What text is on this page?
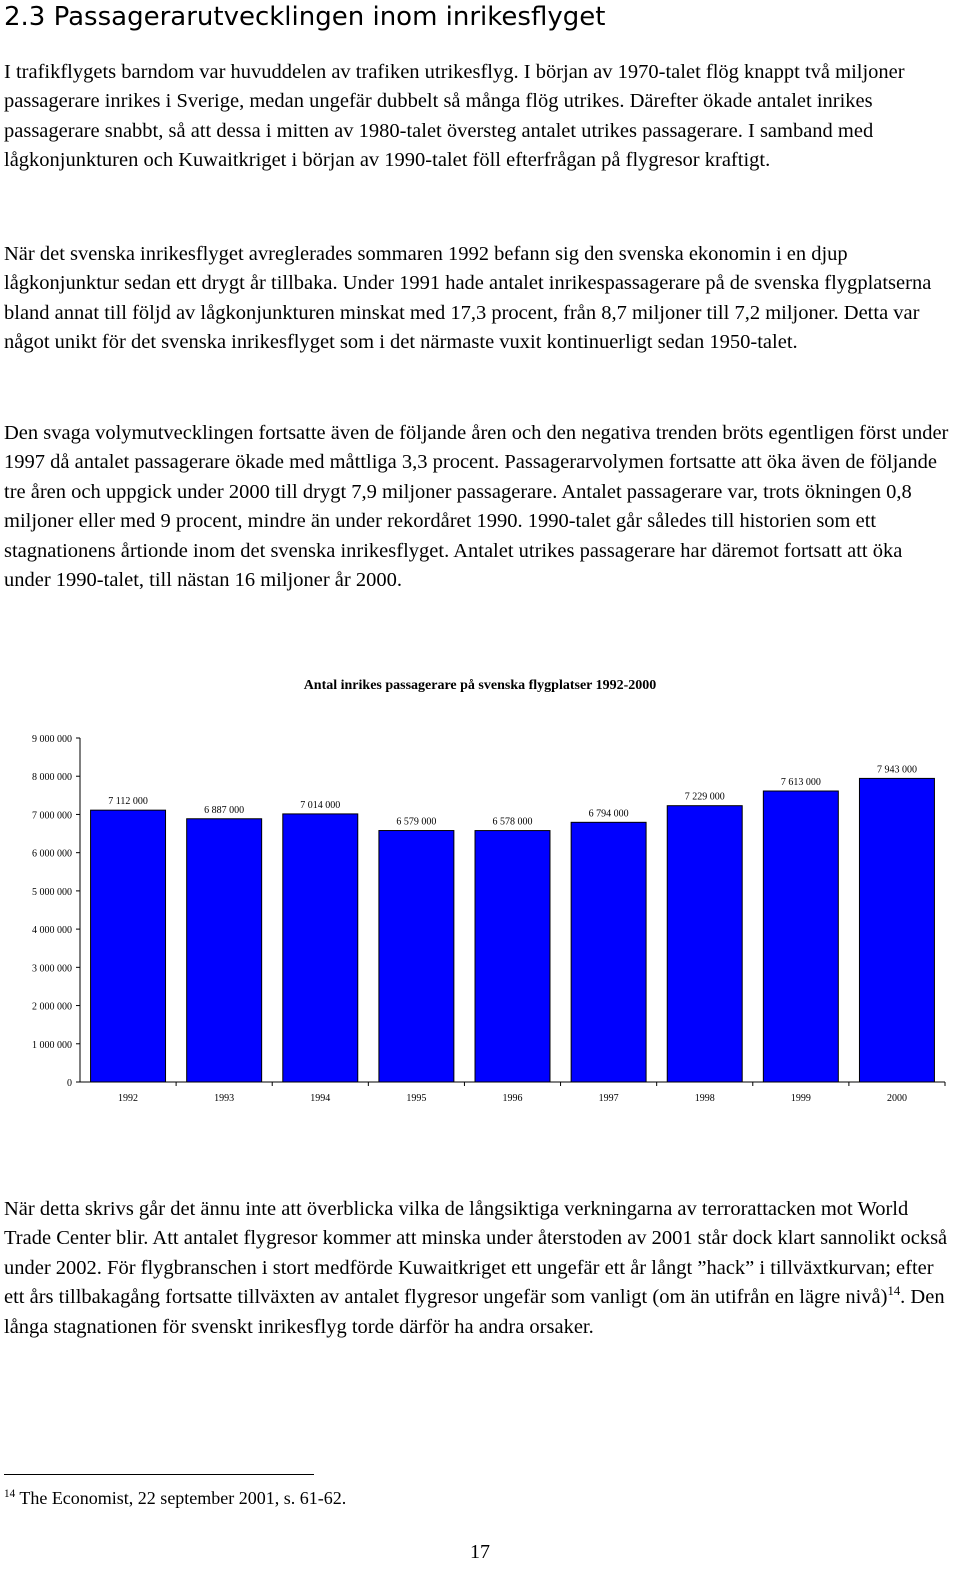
2.3 Passagerarutvecklingen inom inrikesflyget

I trafikflygets barndom var huvuddelen av trafiken utrikesflyg. I början av 1970-talet flög knappt två miljoner passagerare inrikes i Sverige, medan ungefär dubbelt så många flög utrikes. Därefter ökade antalet inrikes passagerare snabbt, så att dessa i mitten av 1980-talet översteg antalet utrikes passagerare. I samband med lågkonjunkturen och Kuwaitkriget i början av 1990-talet föll efterfrågan på flygresor kraftigt.

När det svenska inrikesflyget avreglerades sommaren 1992 befann sig den svenska ekonomin i en djup lågkonjunktur sedan ett drygt år tillbaka. Under 1991 hade antalet inrikespassagerare på de svenska flygplatserna bland annat till följd av lågkonjunkturen minskat med 17,3 procent, från 8,7 miljoner till 7,2 miljoner. Detta var något unikt för det svenska inrikesflyget som i det närmaste vuxit kontinuerligt sedan 1950-talet.

Den svaga volymutvecklingen fortsatte även de följande åren och den negativa trenden bröts egentligen först under 1997 då antalet passagerare ökade med måttliga 3,3 procent. Passagerarvolymen fortsatte att öka även de följande tre åren och uppgick under 2000 till drygt 7,9 miljoner passagerare. Antalet passagerare var, trots ökningen 0,8 miljoner eller med 9 procent, mindre än under rekordåret 1990. 1990-talet går således till historien som ett stagnationens årtionde inom det svenska inrikesflyget. Antalet utrikes passagerare har däremot fortsatt att öka under 1990-talet, till nästan 16 miljoner år 2000.

Antal inrikes passagerare på svenska flygplatser 1992-2000
0
1 000 000
2 000 000
3 000 000
4 000 000
5 000 000
6 000 000
7 000 000
8 000 000
9 000 000
7 112 000
1992
6 887 000
1993
7 014 000
1994
6 579 000
1995
6 578 000
1996
6 794 000
1997
7 229 000
1998
7 613 000
1999
7 943 000
2000

När detta skrivs går det ännu inte att överblicka vilka de långsiktiga verkningarna av terrorattacken mot World Trade Center blir. Att antalet flygresor kommer att minska under återstoden av 2001 står dock klart sannolikt också under 2002. För flygbranschen i stort medförde Kuwaitkriget ett ungefär ett år långt ”hack” i tillväxtkurvan; efter ett års tillbakagång fortsatte tillväxten av antalet flygresor ungefär som vanligt (om än utifrån en lägre nivå)$^{14}$. Den långa stagnationen för svenskt inrikesflyg torde därför ha andra orsaker.

$^{14}$ The Economist, 22 september 2001, s. 61-62.

17
